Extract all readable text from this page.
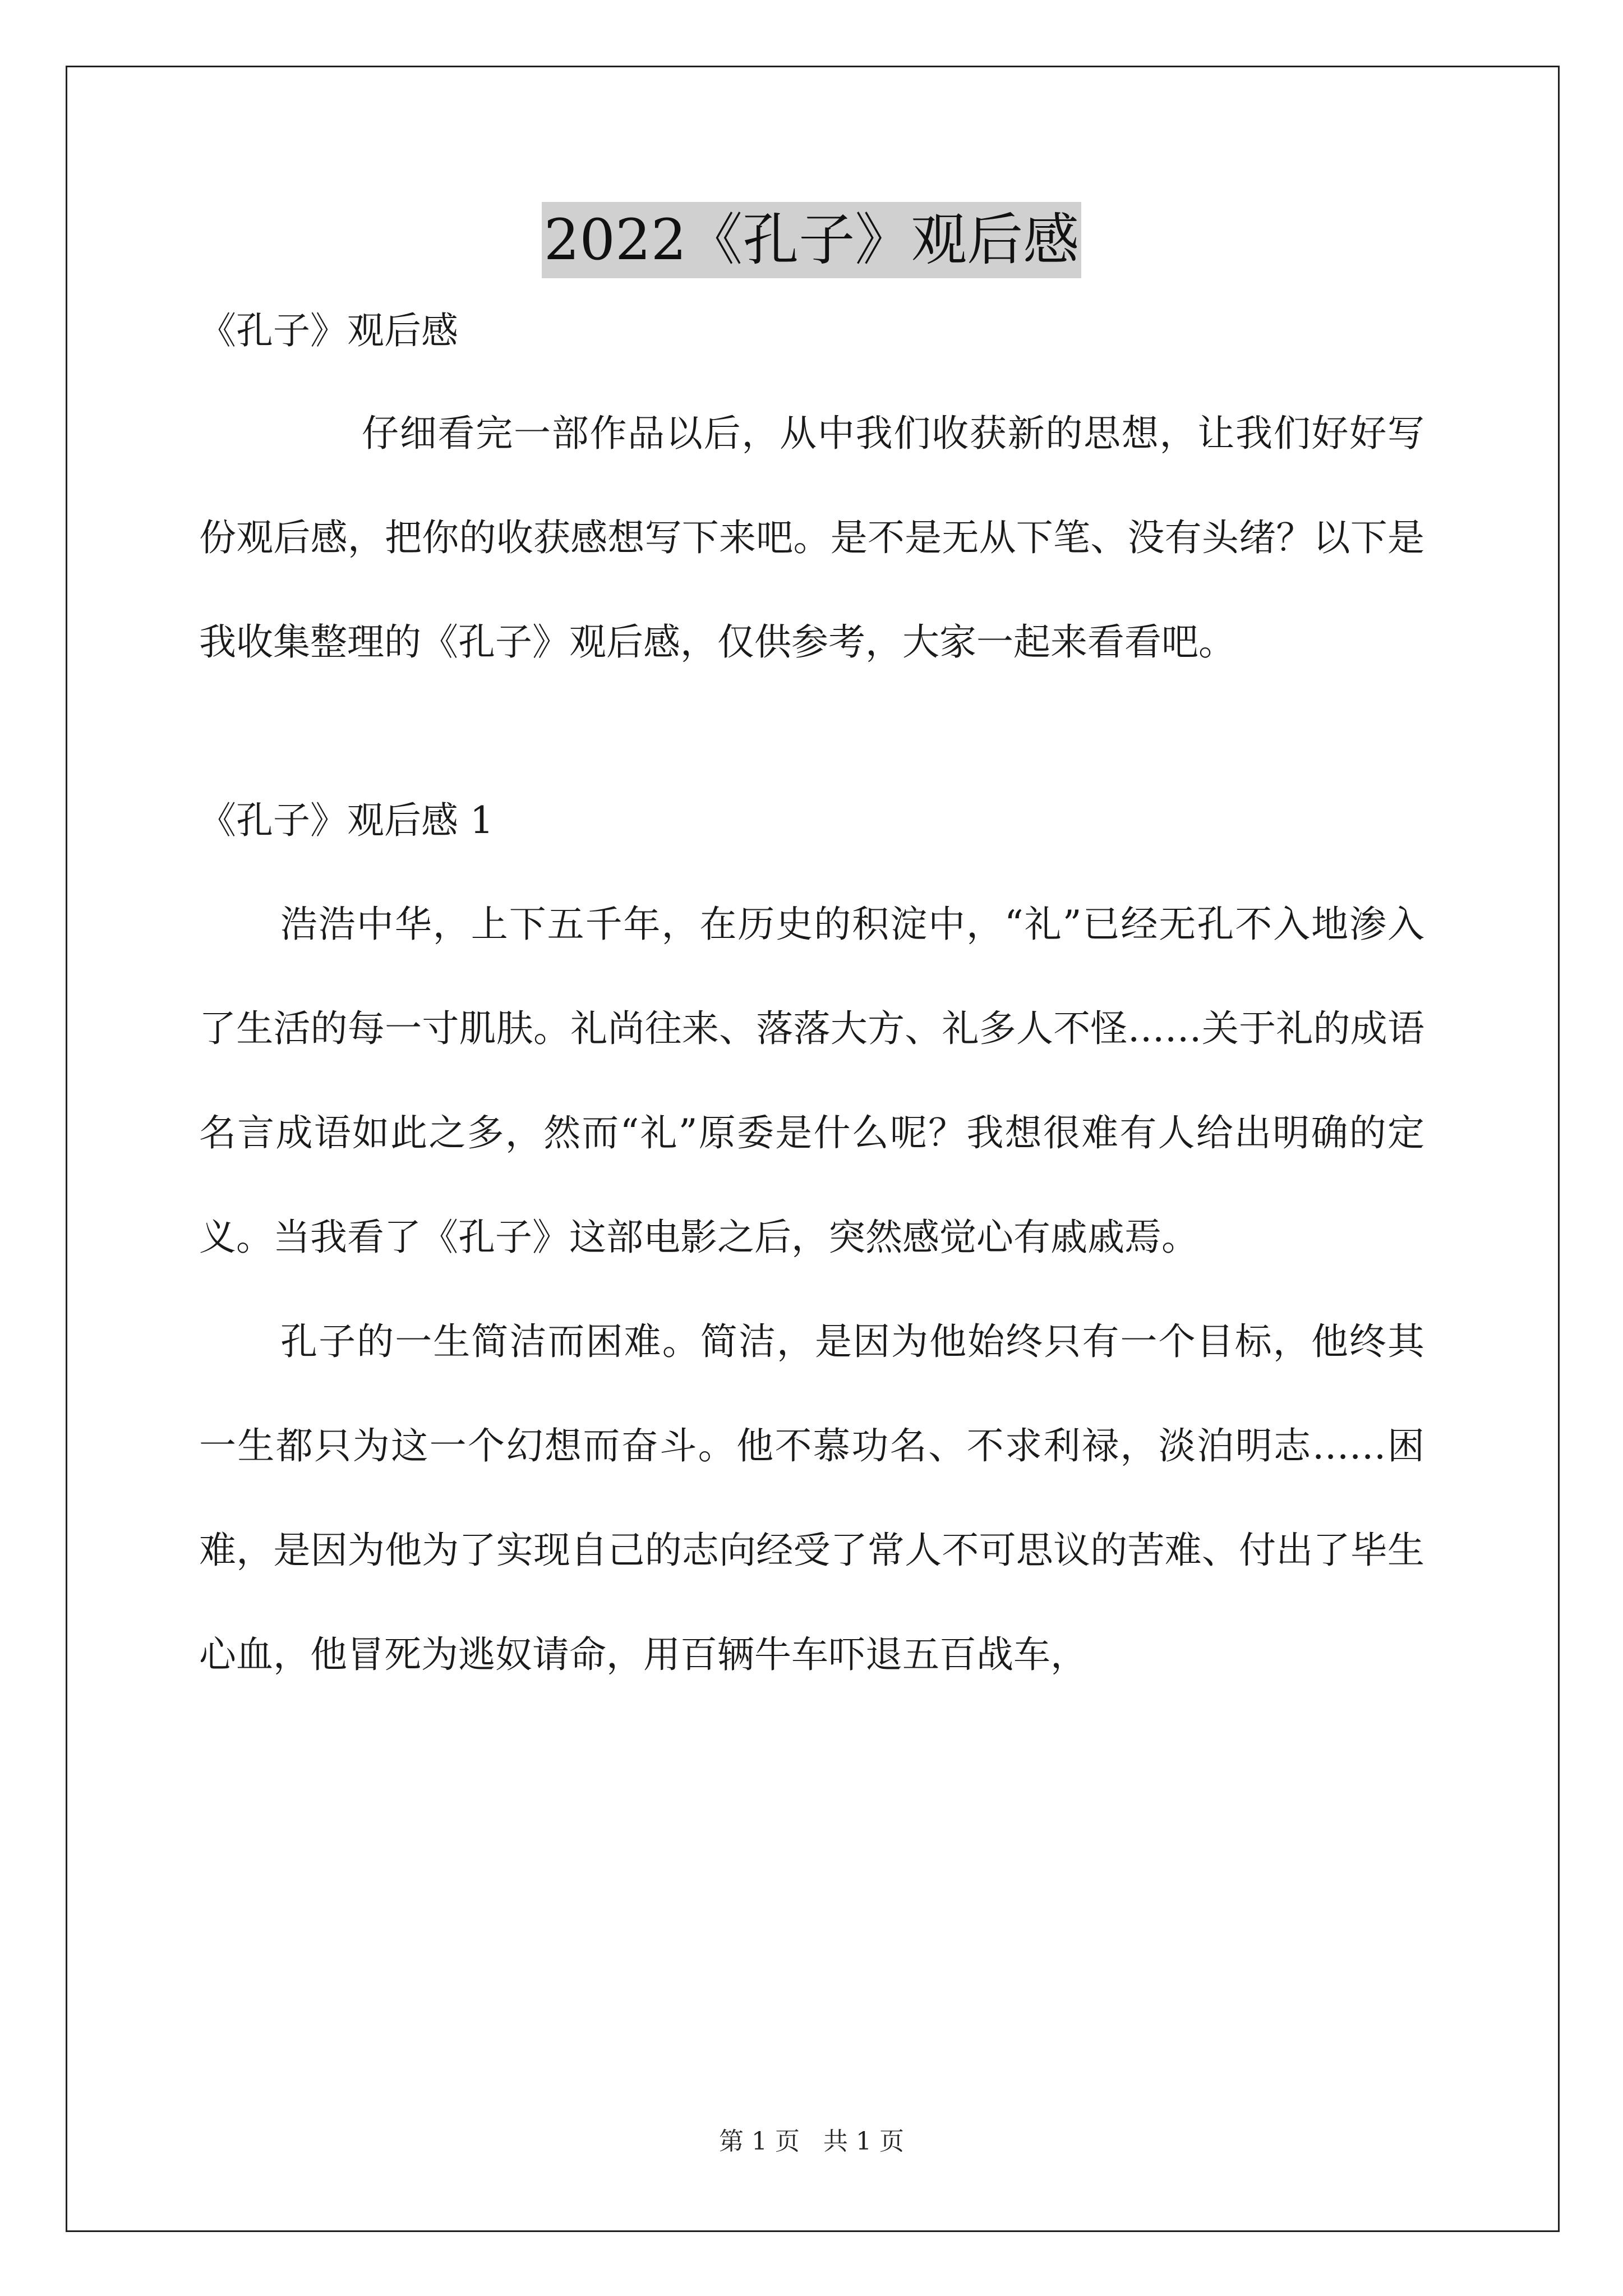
2022《孔子》观后感

《孔子》观后感

仔细看完一部作品以后，从中我们收获新的思想，让我们好好写份观后感，把你的收获感想写下来吧。是不是无从下笔、没有头绪？以下是我收集整理的《孔子》观后感，仅供参考，大家一起来看看吧。

《孔子》观后感 1

浩浩中华，上下五千年，在历史的积淀中，“礼”已经无孔不入地渗入了生活的每一寸肌肤。礼尚往来、落落大方、礼多人不怪……关于礼的成语名言成语如此之多，然而“礼”原委是什么呢？我想很难有人给出明确的定义。当我看了《孔子》这部电影之后，突然感觉心有戚戚焉。

孔子的一生简洁而困难。简洁，是因为他始终只有一个目标，他终其一生都只为这一个幻想而奋斗。他不慕功名、不求利禄，淡泊明志……困难，是因为他为了实现自己的志向经受了常人不可思议的苦难、付出了毕生心血，他冒死为逃奴请命，用百辆牛车吓退五百战车，

第 1 页 共 1 页
